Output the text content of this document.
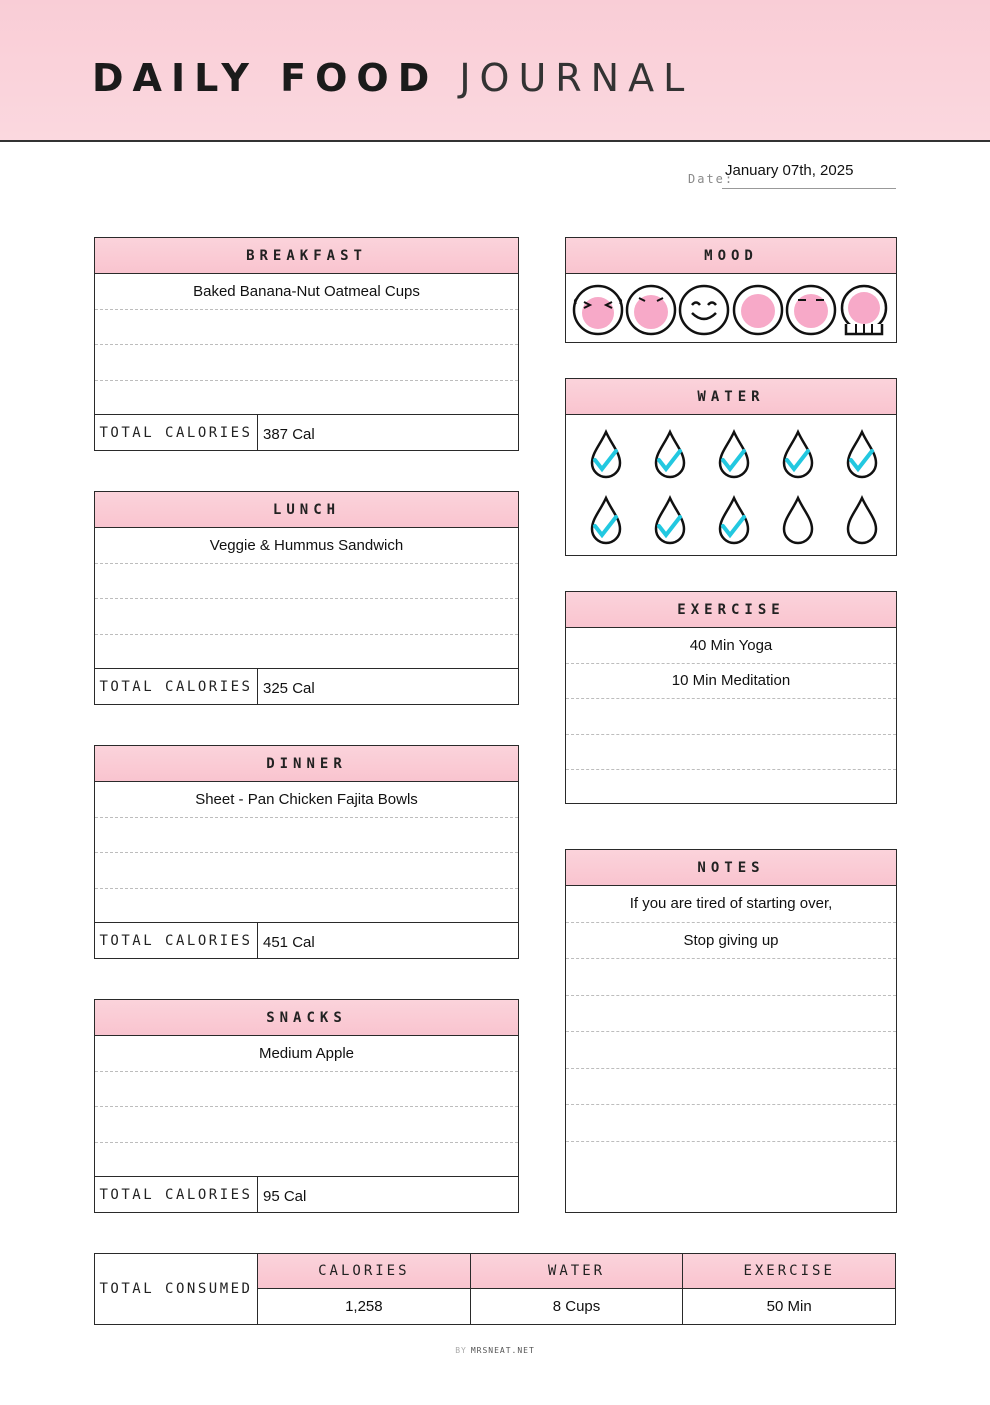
DAILY FOOD JOURNAL
Date:
January 07th, 2025
BREAKFAST
Baked Banana-Nut Oatmeal Cups
TOTAL CALORIES 387 Cal
LUNCH
Veggie & Hummus Sandwich
TOTAL CALORIES 325 Cal
DINNER
Sheet - Pan Chicken Fajita Bowls
TOTAL CALORIES 451 Cal
SNACKS
Medium Apple
TOTAL CALORIES 95 Cal
MOOD
WATER
EXERCISE
40 Min Yoga
10 Min Meditation
NOTES
If you are tired of starting over,
Stop giving up
TOTAL CONSUMED
CALORIES
1,258
WATER
8 Cups
EXERCISE
50 Min
BY MRSNEAT.NET
